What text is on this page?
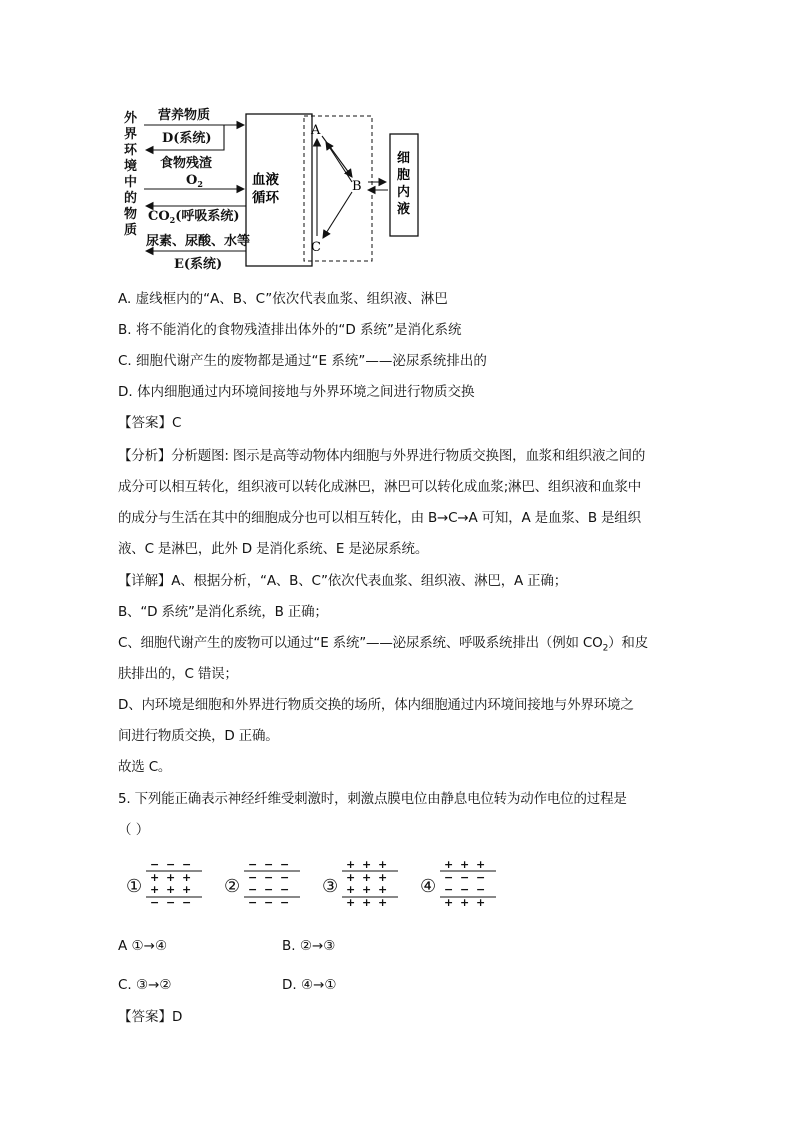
外
界
环
境
中
的
物
质
血液
循环
营养物质
D(系统)
食物残渣
$O_2$
$CO_2$(呼吸系统)
尿素、尿酸、水等
E(系统)
A
B
C
细
胞
内
液
A. 虚线框内的“A、B、C”依次代表血浆、组织液、淋巴
B. 将不能消化的食物残渣排出体外的“D 系统”是消化系统
C. 细胞代谢产生的废物都是通过“E 系统”——泌尿系统排出的
D. 体内细胞通过内环境间接地与外界环境之间进行物质交换
【答案】C
【分析】分析题图: 图示是高等动物体内细胞与外界进行物质交换图，血浆和组织液之间的
成分可以相互转化，组织液可以转化成淋巴，淋巴可以转化成血浆;淋巴、组织液和血浆中
的成分与生活在其中的细胞成分也可以相互转化，由 B→C→A 可知，A 是血浆、B 是组织
液、C 是淋巴，此外 D 是消化系统、E 是泌尿系统。
【详解】A、根据分析，“A、B、C”依次代表血浆、组织液、淋巴，A 正确；
B、“D 系统”是消化系统，B 正确；
C、细胞代谢产生的废物可以通过“E 系统”——泌尿系统、呼吸系统排出（例如 $CO_2$）和皮
肤排出的，C 错误；
D、内环境是细胞和外界进行物质交换的场所，体内细胞通过内环境间接地与外界环境之
间进行物质交换，D 正确。
故选 C。
5. 下列能正确表示神经纤维受刺激时，刺激点膜电位由静息电位转为动作电位的过程是
（ ）
①
− − −
+ + +
+ + +
− − −
②
− − −
− − −
− − −
− − −
③
+ + +
+ + +
+ + +
+ + +
④
+ + +
− − −
− − −
+ + +
A ①→④	B. ②→③
C. ③→②	D. ④→①
【答案】D
